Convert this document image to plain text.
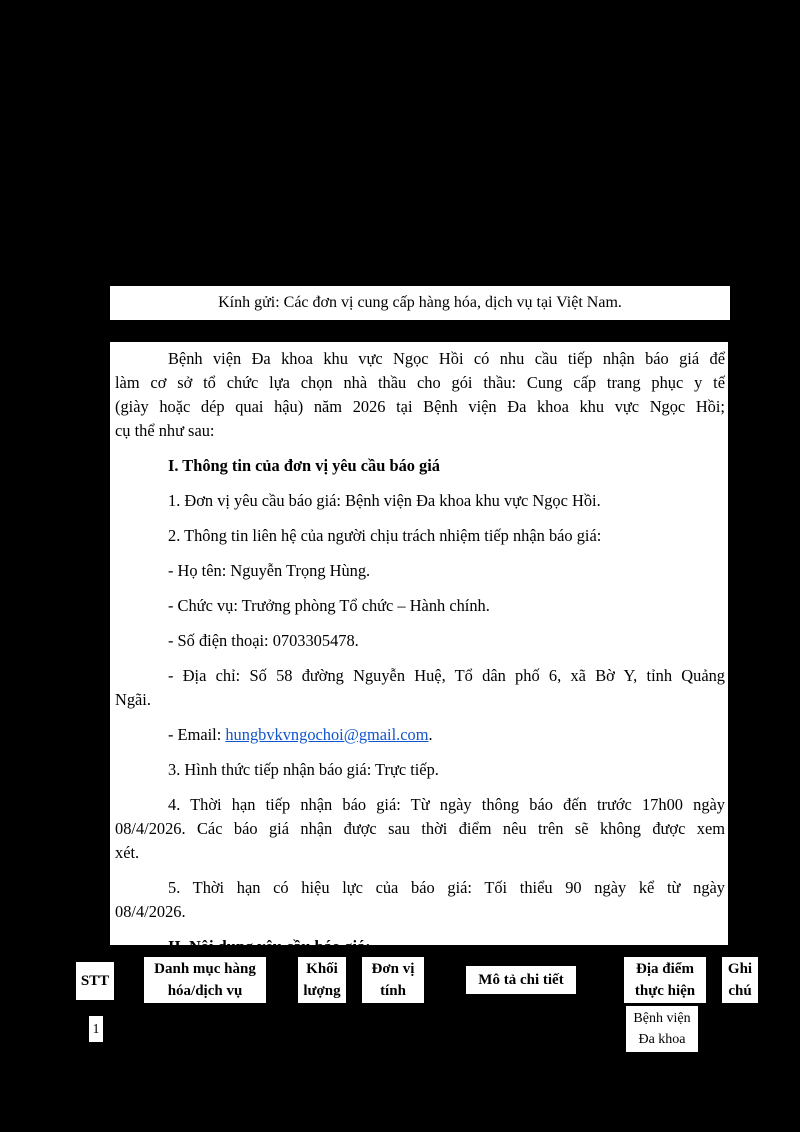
Kính gửi: Các đơn vị cung cấp hàng hóa, dịch vụ tại Việt Nam.

Bệnh viện Đa khoa khu vực Ngọc Hồi có nhu cầu tiếp nhận báo giá để

làm cơ sở tổ chức lựa chọn nhà thầu cho gói thầu: Cung cấp trang phục y tế

(giày hoặc dép quai hậu) năm 2026 tại Bệnh viện Đa khoa khu vực Ngọc Hồi;

cụ thể như sau:

I. Thông tin của đơn vị yêu cầu báo giá

1. Đơn vị yêu cầu báo giá: Bệnh viện Đa khoa khu vực Ngọc Hồi.

2. Thông tin liên hệ của người chịu trách nhiệm tiếp nhận báo giá:

- Họ tên: Nguyễn Trọng Hùng.

- Chức vụ: Trưởng phòng Tổ chức – Hành chính.

- Số điện thoại: 0703305478.

- Địa chỉ: Số 58 đường Nguyễn Huệ, Tổ dân phố 6, xã Bờ Y, tỉnh Quảng

Ngãi.

- Email: hungbvkvngochoi@gmail.com.

3. Hình thức tiếp nhận báo giá: Trực tiếp.

4. Thời hạn tiếp nhận báo giá: Từ ngày thông báo đến trước 17h00 ngày

08/4/2026. Các báo giá nhận được sau thời điểm nêu trên sẽ không được xem

xét.

5. Thời hạn có hiệu lực của báo giá: Tối thiểu 90 ngày kể từ ngày

08/4/2026.

II. Nội dung yêu cầu báo giá:

STT
Danh mục hàng
hóa/dịch vụ
Khối
lượng
Đơn vị
tính
Mô tả chi tiết
Địa điểm
thực hiện
Ghi
chú
1
Bệnh viện
Đa khoa
